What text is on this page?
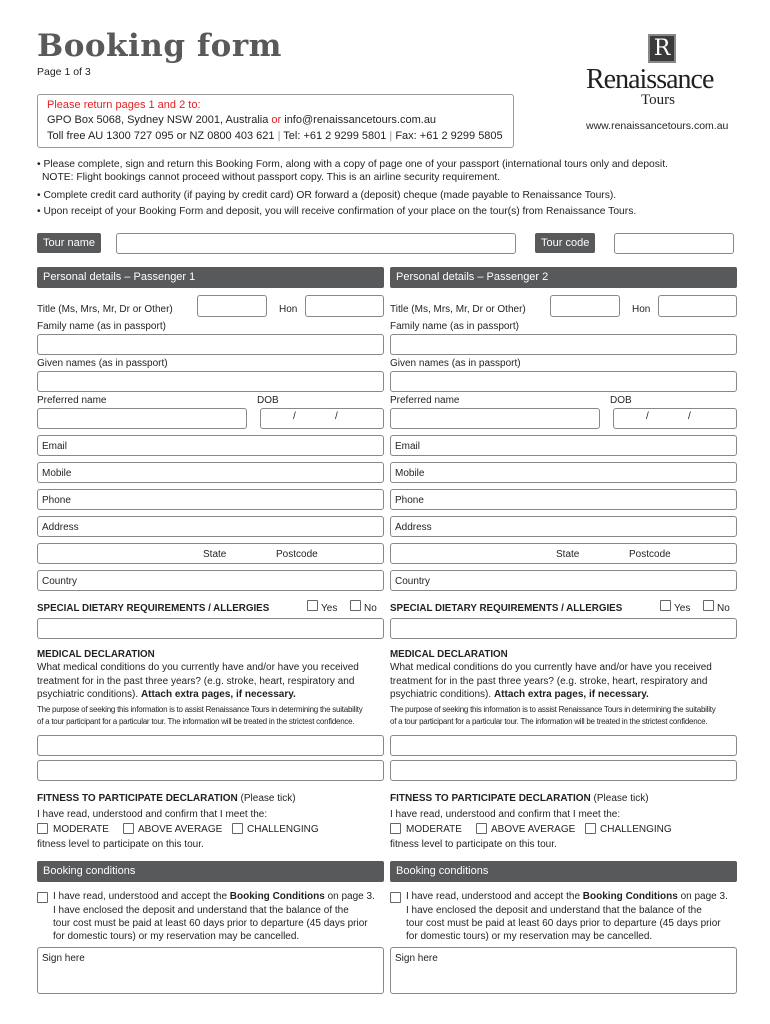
Booking form
Page 1 of 3
R
Renaissance
Tours
www.renaissancetours.com.au
Please return pages 1 and 2 to:
GPO Box 5068, Sydney NSW 2001, Australia or info@renaissancetours.com.au
Toll free AU 1300 727 095 or NZ 0800 403 621 | Tel: +61 2 9299 5801 | Fax: +61 2 9299 5805
• Please complete, sign and return this Booking Form, along with a copy of page one of your passport (international tours only and deposit.
NOTE: Flight bookings cannot proceed without passport copy. This is an airline security requirement.
• Complete credit card authority (if paying by credit card) OR forward a (deposit) cheque (made payable to Renaissance Tours).
• Upon receipt of your Booking Form and deposit, you will receive confirmation of your place on the tour(s) from Renaissance Tours.
Tour name	Tour code
Personal details – Passenger 1
Title (Ms, Mrs, Mr, Dr or Other)	Hon
Family name (as in passport)
Given names (as in passport)
Preferred name	DOB
/	/
Email
Mobile
Phone
Address
State	Postcode
Country
SPECIAL DIETARY REQUIREMENTS / ALLERGIES	Yes	No
MEDICAL DECLARATION
What medical conditions do you currently have and/or have you received
treatment for in the past three years? (e.g. stroke, heart, respiratory and
psychiatric conditions). Attach extra pages, if necessary.
The purpose of seeking this information is to assist Renaissance Tours in determining the suitability
of a tour participant for a particular tour. The information will be treated in the strictest confidence.
FITNESS TO PARTICIPATE DECLARATION (Please tick)
I have read, understood and confirm that I meet the:
MODERATE	ABOVE AVERAGE CHALLENGING
fitness level to participate on this tour.
Booking conditions
I have read, understood and accept the Booking Conditions on page 3.
I have enclosed the deposit and understand that the balance of the
tour cost must be paid at least 60 days prior to departure (45 days prior
for domestic tours) or my reservation may be cancelled.
Sign here
Personal details – Passenger 2
Title (Ms, Mrs, Mr, Dr or Other)	Hon
Family name (as in passport)
Given names (as in passport)
Preferred name	DOB
/	/
Email
Mobile
Phone
Address
State	Postcode
Country
SPECIAL DIETARY REQUIREMENTS / ALLERGIES	Yes	No
MEDICAL DECLARATION
What medical conditions do you currently have and/or have you received
treatment for in the past three years? (e.g. stroke, heart, respiratory and
psychiatric conditions). Attach extra pages, if necessary.
The purpose of seeking this information is to assist Renaissance Tours in determining the suitability
of a tour participant for a particular tour. The information will be treated in the strictest confidence.
FITNESS TO PARTICIPATE DECLARATION (Please tick)
I have read, understood and confirm that I meet the:
MODERATE	ABOVE AVERAGE CHALLENGING
fitness level to participate on this tour.
Booking conditions
I have read, understood and accept the Booking Conditions on page 3.
I have enclosed the deposit and understand that the balance of the
tour cost must be paid at least 60 days prior to departure (45 days prior
for domestic tours) or my reservation may be cancelled.
Sign here
